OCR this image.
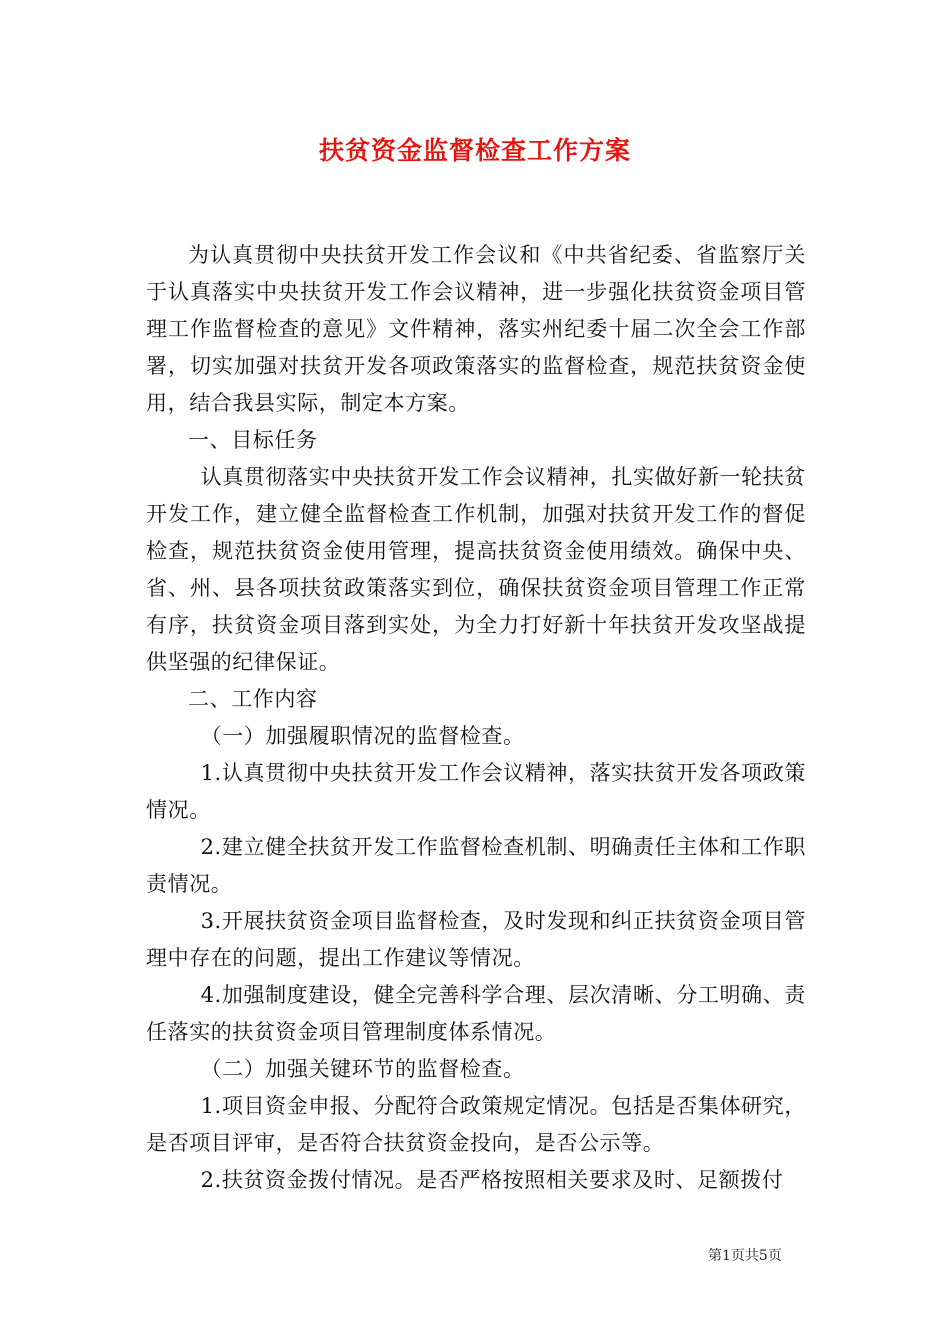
扶贫资金监督检查工作方案

为认真贯彻中央扶贫开发工作会议和《中共省纪委、省监察厅关于认真落实中央扶贫开发工作会议精神，进一步强化扶贫资金项目管理工作监督检查的意见》文件精神，落实州纪委十届二次全会工作部署，切实加强对扶贫开发各项政策落实的监督检查，规范扶贫资金使用，结合我县实际，制定本方案。

一、目标任务

认真贯彻落实中央扶贫开发工作会议精神，扎实做好新一轮扶贫开发工作，建立健全监督检查工作机制，加强对扶贫开发工作的督促检查，规范扶贫资金使用管理，提高扶贫资金使用绩效。确保中央、省、州、县各项扶贫政策落实到位，确保扶贫资金项目管理工作正常有序，扶贫资金项目落到实处，为全力打好新十年扶贫开发攻坚战提供坚强的纪律保证。

二、工作内容

（一）加强履职情况的监督检查。

1.认真贯彻中央扶贫开发工作会议精神，落实扶贫开发各项政策情况。

2.建立健全扶贫开发工作监督检查机制、明确责任主体和工作职责情况。

3.开展扶贫资金项目监督检查，及时发现和纠正扶贫资金项目管理中存在的问题，提出工作建议等情况。

4.加强制度建设，健全完善科学合理、层次清晰、分工明确、责任落实的扶贫资金项目管理制度体系情况。

（二）加强关键环节的监督检查。

1.项目资金申报、分配符合政策规定情况。包括是否集体研究，是否项目评审，是否符合扶贫资金投向，是否公示等。

2.扶贫资金拨付情况。是否严格按照相关要求及时、足额拨付

第1页共5页
